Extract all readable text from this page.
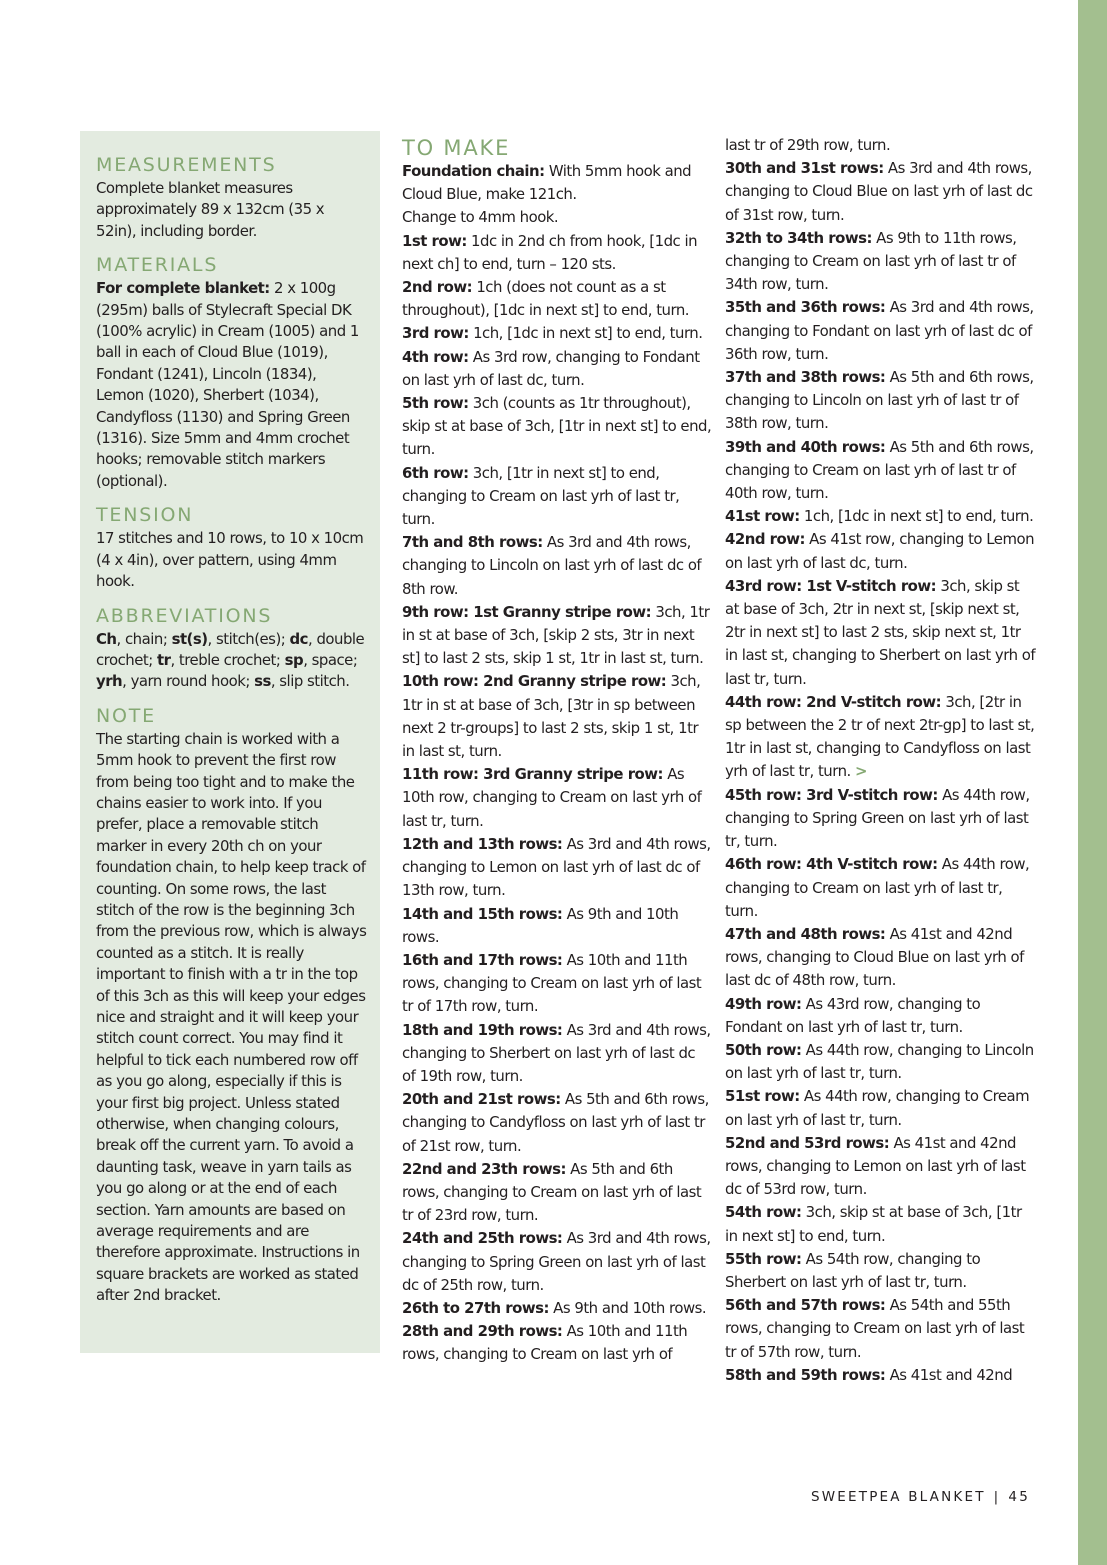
MEASUREMENTS
Complete blanket measures approximately 89 x 132cm (35 x 52in), including border.
MATERIALS
For complete blanket: 2 x 100g (295m) balls of Stylecraft Special DK (100% acrylic) in Cream (1005) and 1 ball in each of Cloud Blue (1019), Fondant (1241), Lincoln (1834), Lemon (1020), Sherbert (1034), Candyfloss (1130) and Spring Green (1316). Size 5mm and 4mm crochet hooks; removable stitch markers (optional).
TENSION
17 stitches and 10 rows, to 10 x 10cm (4 x 4in), over pattern, using 4mm hook.
ABBREVIATIONS
Ch, chain; st(s), stitch(es); dc, double crochet; tr, treble crochet; sp, space; yrh, yarn round hook; ss, slip stitch.
NOTE
The starting chain is worked with a 5mm hook to prevent the first row from being too tight and to make the chains easier to work into. If you prefer, place a removable stitch marker in every 20th ch on your foundation chain, to help keep track of counting. On some rows, the last stitch of the row is the beginning 3ch from the previous row, which is always counted as a stitch. It is really important to finish with a tr in the top of this 3ch as this will keep your edges nice and straight and it will keep your stitch count correct. You may find it helpful to tick each numbered row off as you go along, especially if this is your first big project. Unless stated otherwise, when changing colours, break off the current yarn. To avoid a daunting task, weave in yarn tails as you go along or at the end of each section. Yarn amounts are based on average requirements and are therefore approximate. Instructions in square brackets are worked as stated after 2nd bracket.
TO MAKE

Foundation chain: With 5mm hook and Cloud Blue, make 121ch.

Change to 4mm hook.

1st row: 1dc in 2nd ch from hook, [1dc in next ch] to end, turn – 120 sts.

2nd row: 1ch (does not count as a st throughout), [1dc in next st] to end, turn.

3rd row: 1ch, [1dc in next st] to end, turn.

4th row: As 3rd row, changing to Fondant on last yrh of last dc, turn.

5th row: 3ch (counts as 1tr throughout), skip st at base of 3ch, [1tr in next st] to end, turn.

6th row: 3ch, [1tr in next st] to end, changing to Cream on last yrh of last tr, turn.

7th and 8th rows: As 3rd and 4th rows, changing to Lincoln on last yrh of last dc of 8th row.

9th row: 1st Granny stripe row: 3ch, 1tr in st at base of 3ch, [skip 2 sts, 3tr in next st] to last 2 sts, skip 1 st, 1tr in last st, turn.

10th row: 2nd Granny stripe row: 3ch, 1tr in st at base of 3ch, [3tr in sp between next 2 tr-groups] to last 2 sts, skip 1 st, 1tr in last st, turn.

11th row: 3rd Granny stripe row: As 10th row, changing to Cream on last yrh of last tr, turn.

12th and 13th rows: As 3rd and 4th rows, changing to Lemon on last yrh of last dc of 13th row, turn.

14th and 15th rows: As 9th and 10th rows.

16th and 17th rows: As 10th and 11th rows, changing to Cream on last yrh of last tr of 17th row, turn.

18th and 19th rows: As 3rd and 4th rows, changing to Sherbert on last yrh of last dc of 19th row, turn.

20th and 21st rows: As 5th and 6th rows, changing to Candyfloss on last yrh of last tr of 21st row, turn.

22nd and 23th rows: As 5th and 6th rows, changing to Cream on last yrh of last tr of 23rd row, turn.

24th and 25th rows: As 3rd and 4th rows, changing to Spring Green on last yrh of last dc of 25th row, turn.

26th to 27th rows: As 9th and 10th rows.

28th and 29th rows: As 10th and 11th rows, changing to Cream on last yrh of

last tr of 29th row, turn.

30th and 31st rows: As 3rd and 4th rows, changing to Cloud Blue on last yrh of last dc of 31st row, turn.

32th to 34th rows: As 9th to 11th rows, changing to Cream on last yrh of last tr of 34th row, turn.

35th and 36th rows: As 3rd and 4th rows, changing to Fondant on last yrh of last dc of 36th row, turn.

37th and 38th rows: As 5th and 6th rows, changing to Lincoln on last yrh of last tr of 38th row, turn.

39th and 40th rows: As 5th and 6th rows, changing to Cream on last yrh of last tr of 40th row, turn.

41st row: 1ch, [1dc in next st] to end, turn.

42nd row: As 41st row, changing to Lemon on last yrh of last dc, turn.

43rd row: 1st V-stitch row: 3ch, skip st at base of 3ch, 2tr in next st, [skip next st, 2tr in next st] to last 2 sts, skip next st, 1tr in last st, changing to Sherbert on last yrh of last tr, turn.

44th row: 2nd V-stitch row: 3ch, [2tr in sp between the 2 tr of next 2tr-gp] to last st, 1tr in last st, changing to Candyfloss on last yrh of last tr, turn. >

45th row: 3rd V-stitch row: As 44th row, changing to Spring Green on last yrh of last tr, turn.

46th row: 4th V-stitch row: As 44th row, changing to Cream on last yrh of last tr, turn.

47th and 48th rows: As 41st and 42nd rows, changing to Cloud Blue on last yrh of last dc of 48th row, turn.

49th row: As 43rd row, changing to Fondant on last yrh of last tr, turn.

50th row: As 44th row, changing to Lincoln on last yrh of last tr, turn.

51st row: As 44th row, changing to Cream on last yrh of last tr, turn.

52nd and 53rd rows: As 41st and 42nd rows, changing to Lemon on last yrh of last dc of 53rd row, turn.

54th row: 3ch, skip st at base of 3ch, [1tr in next st] to end, turn.

55th row: As 54th row, changing to Sherbert on last yrh of last tr, turn.

56th and 57th rows: As 54th and 55th rows, changing to Cream on last yrh of last tr of 57th row, turn.

58th and 59th rows: As 41st and 42nd

SWEETPEA BLANKET | 45
